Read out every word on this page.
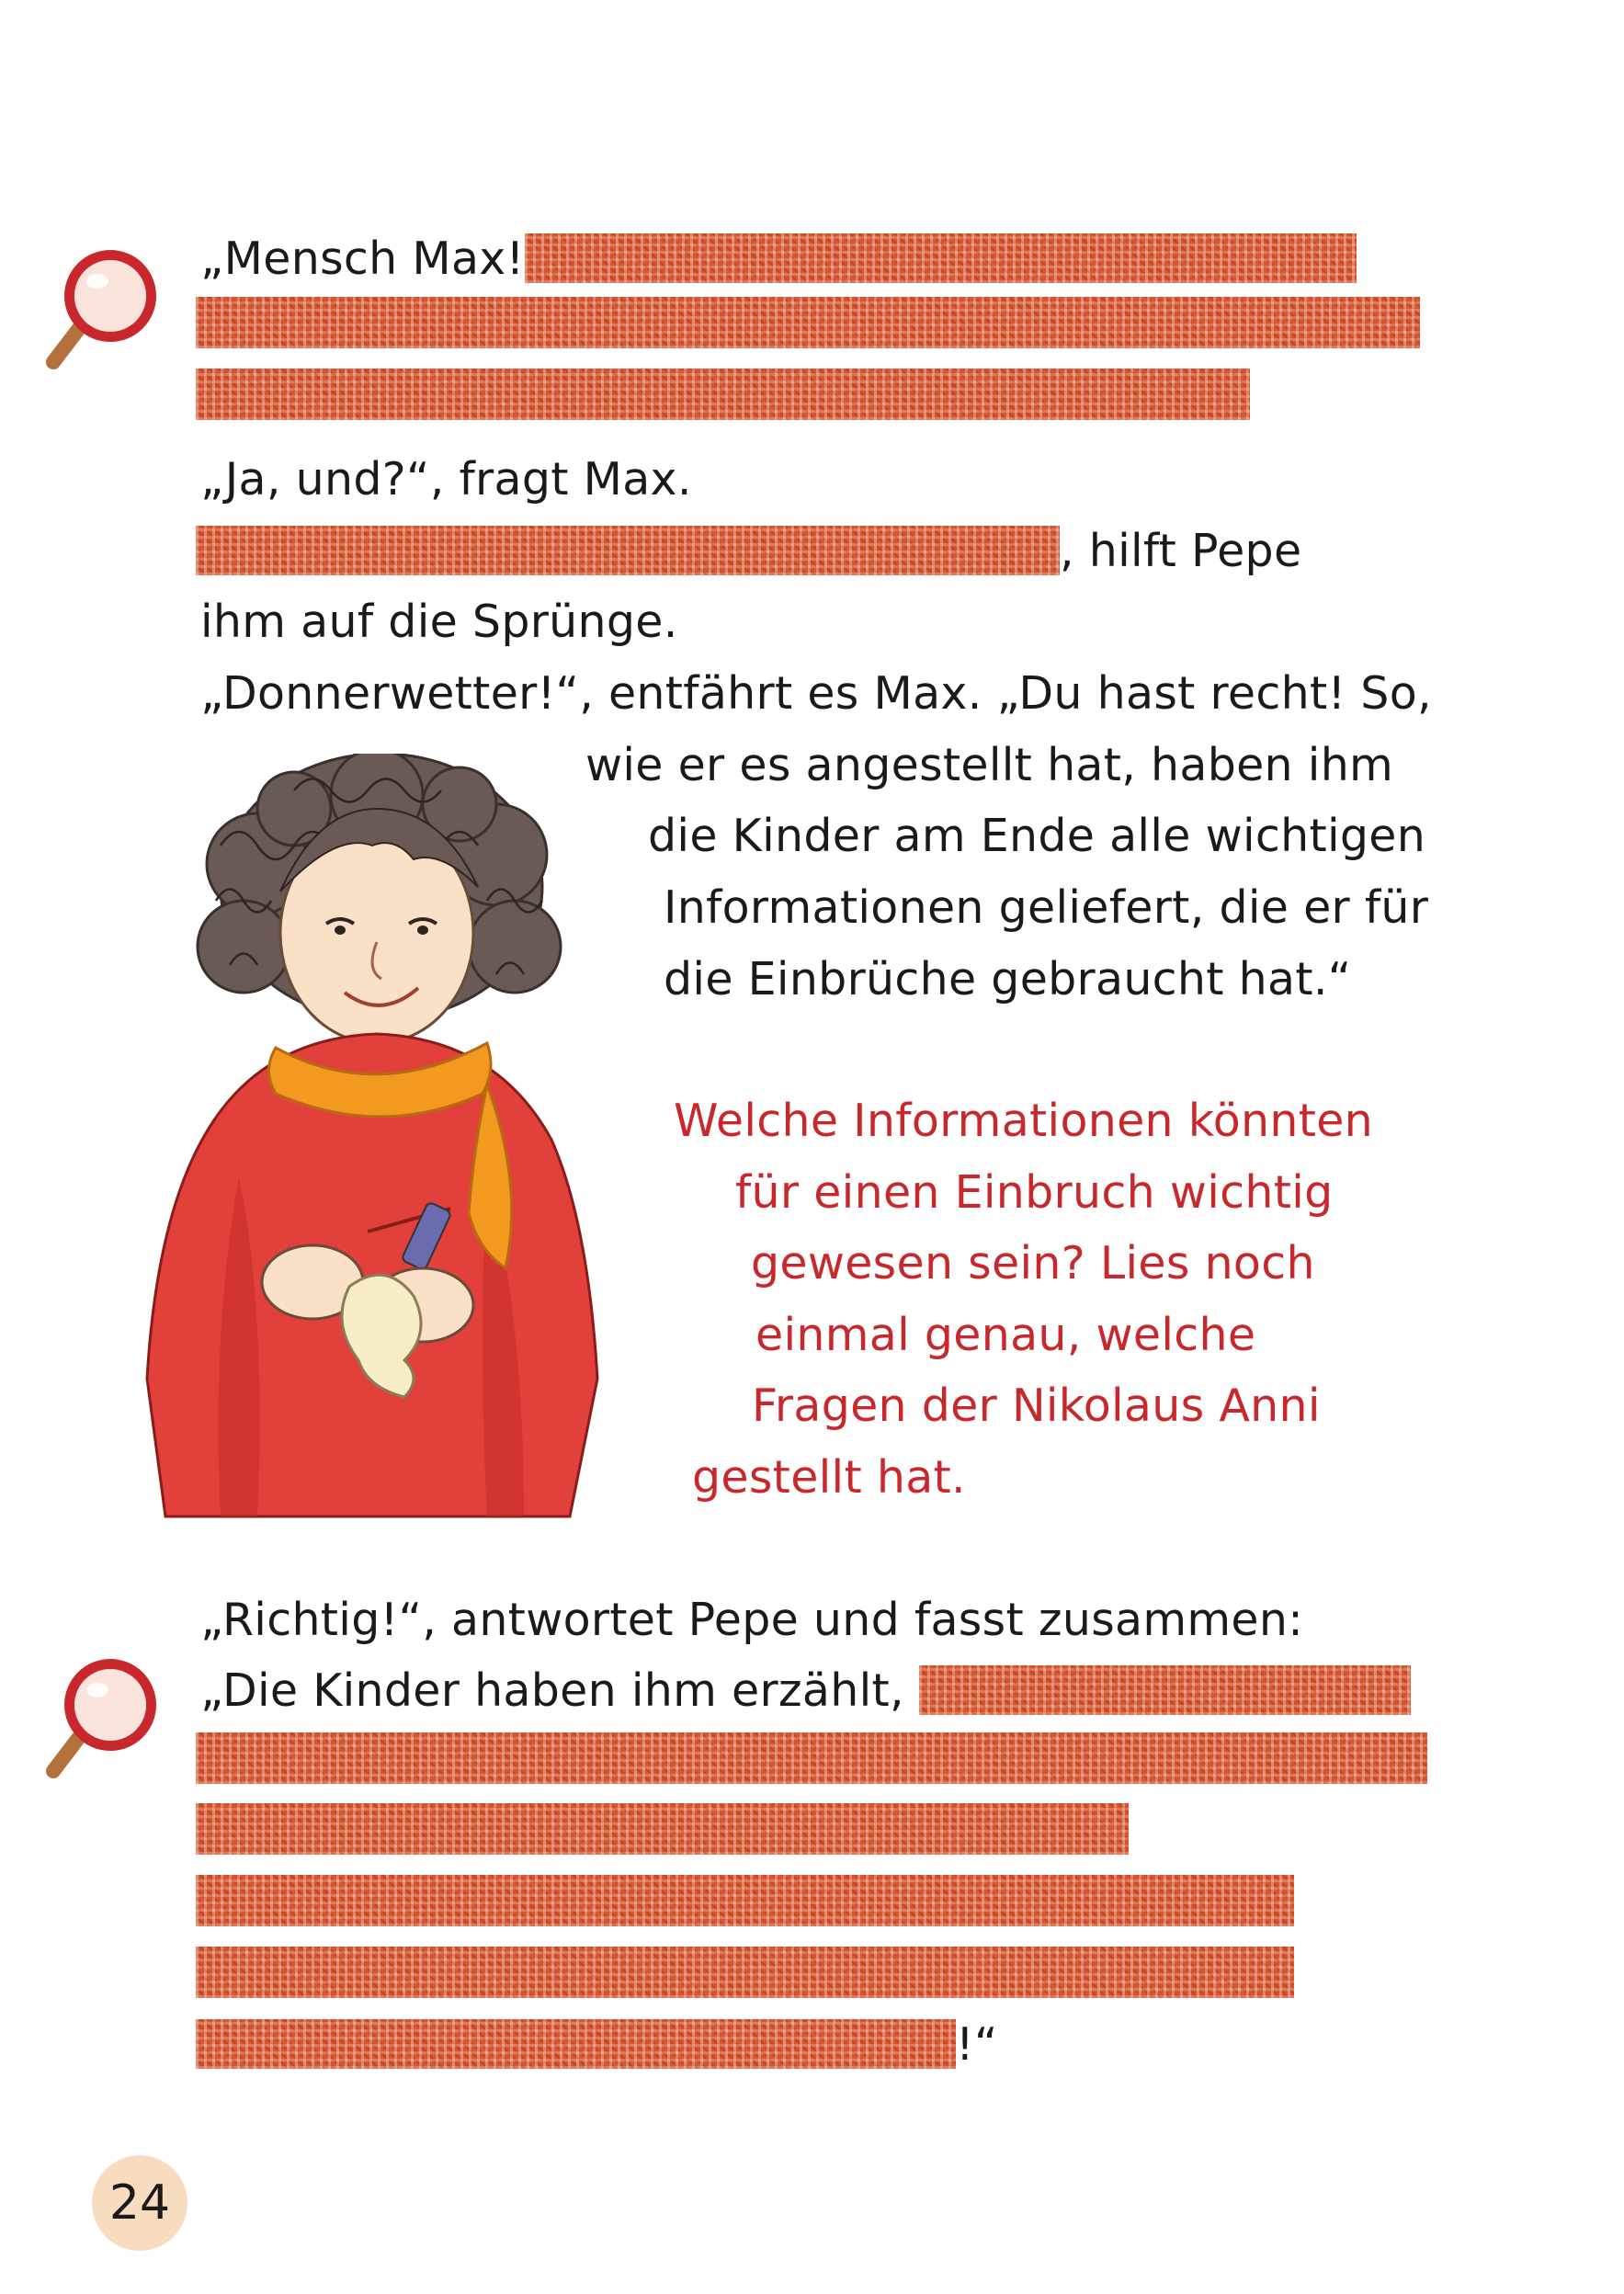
„Mensch Max!
„Ja, und?“, fragt Max.
, hilft Pepe
ihm auf die Sprünge.
„Donnerwetter!“, entfährt es Max. „Du hast recht! So,
wie er es angestellt hat, haben ihm
die Kinder am Ende alle wichtigen
Informationen geliefert, die er für
die Einbrüche gebraucht hat.“
Welche Informationen könnten
für einen Einbruch wichtig
gewesen sein? Lies noch
einmal genau, welche
Fragen der Nikolaus Anni
gestellt hat.
„Richtig!“, antwortet Pepe und fasst zusammen:
„Die Kinder haben ihm erzählt,
!“
24
